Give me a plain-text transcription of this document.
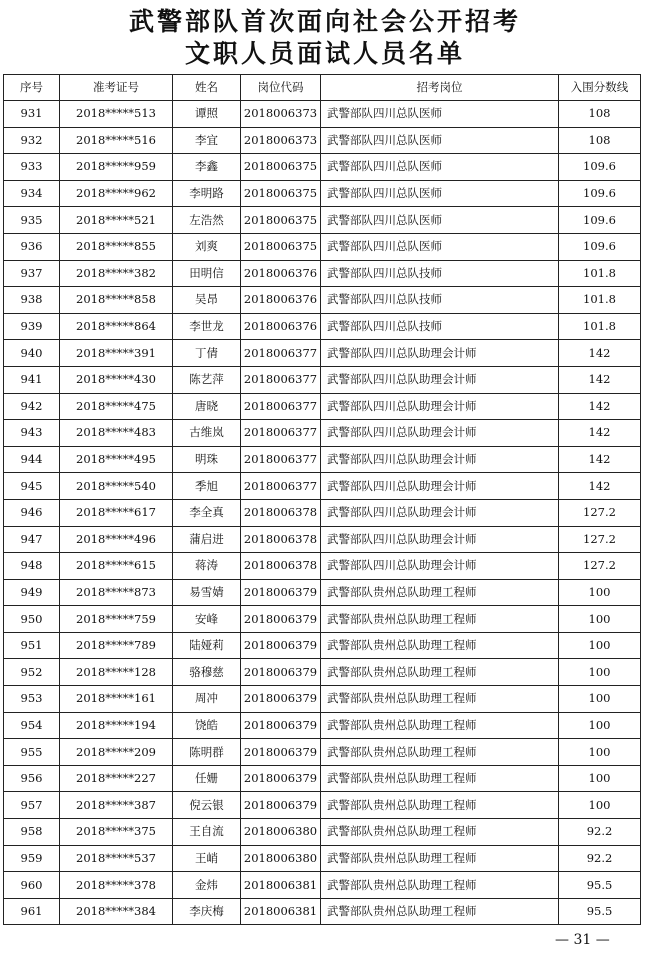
武警部队首次面向社会公开招考
文职人员面试人员名单
序号	准考证号	姓名	岗位代码	招考岗位	入围分数线
931	2018*****513	谭照	2018006373	武警部队四川总队医师	108
932	2018*****516	李宜	2018006373	武警部队四川总队医师	108
933	2018*****959	李鑫	2018006375	武警部队四川总队医师	109.6
934	2018*****962	李明路	2018006375	武警部队四川总队医师	109.6
935	2018*****521	左浩然	2018006375	武警部队四川总队医师	109.6
936	2018*****855	刘爽	2018006375	武警部队四川总队医师	109.6
937	2018*****382	田明信	2018006376	武警部队四川总队技师	101.8
938	2018*****858	吴昂	2018006376	武警部队四川总队技师	101.8
939	2018*****864	李世龙	2018006376	武警部队四川总队技师	101.8
940	2018*****391	丁倩	2018006377	武警部队四川总队助理会计师	142
941	2018*****430	陈艺萍	2018006377	武警部队四川总队助理会计师	142
942	2018*****475	唐晓	2018006377	武警部队四川总队助理会计师	142
943	2018*****483	古维岚	2018006377	武警部队四川总队助理会计师	142
944	2018*****495	明珠	2018006377	武警部队四川总队助理会计师	142
945	2018*****540	季旭	2018006377	武警部队四川总队助理会计师	142
946	2018*****617	李全真	2018006378	武警部队四川总队助理会计师	127.2
947	2018*****496	蒲启进	2018006378	武警部队四川总队助理会计师	127.2
948	2018*****615	蒋涛	2018006378	武警部队四川总队助理会计师	127.2
949	2018*****873	易雪婧	2018006379	武警部队贵州总队助理工程师	100
950	2018*****759	安峰	2018006379	武警部队贵州总队助理工程师	100
951	2018*****789	陆娅莉	2018006379	武警部队贵州总队助理工程师	100
952	2018*****128	骆穆慈	2018006379	武警部队贵州总队助理工程师	100
953	2018*****161	周冲	2018006379	武警部队贵州总队助理工程师	100
954	2018*****194	饶皓	2018006379	武警部队贵州总队助理工程师	100
955	2018*****209	陈明群	2018006379	武警部队贵州总队助理工程师	100
956	2018*****227	任姗	2018006379	武警部队贵州总队助理工程师	100
957	2018*****387	倪云银	2018006379	武警部队贵州总队助理工程师	100
958	2018*****375	王自流	2018006380	武警部队贵州总队助理工程师	92.2
959	2018*****537	王峭	2018006380	武警部队贵州总队助理工程师	92.2
960	2018*****378	金炜	2018006381	武警部队贵州总队助理工程师	95.5
961	2018*****384	李庆梅	2018006381	武警部队贵州总队助理工程师	95.5
— 31 —
